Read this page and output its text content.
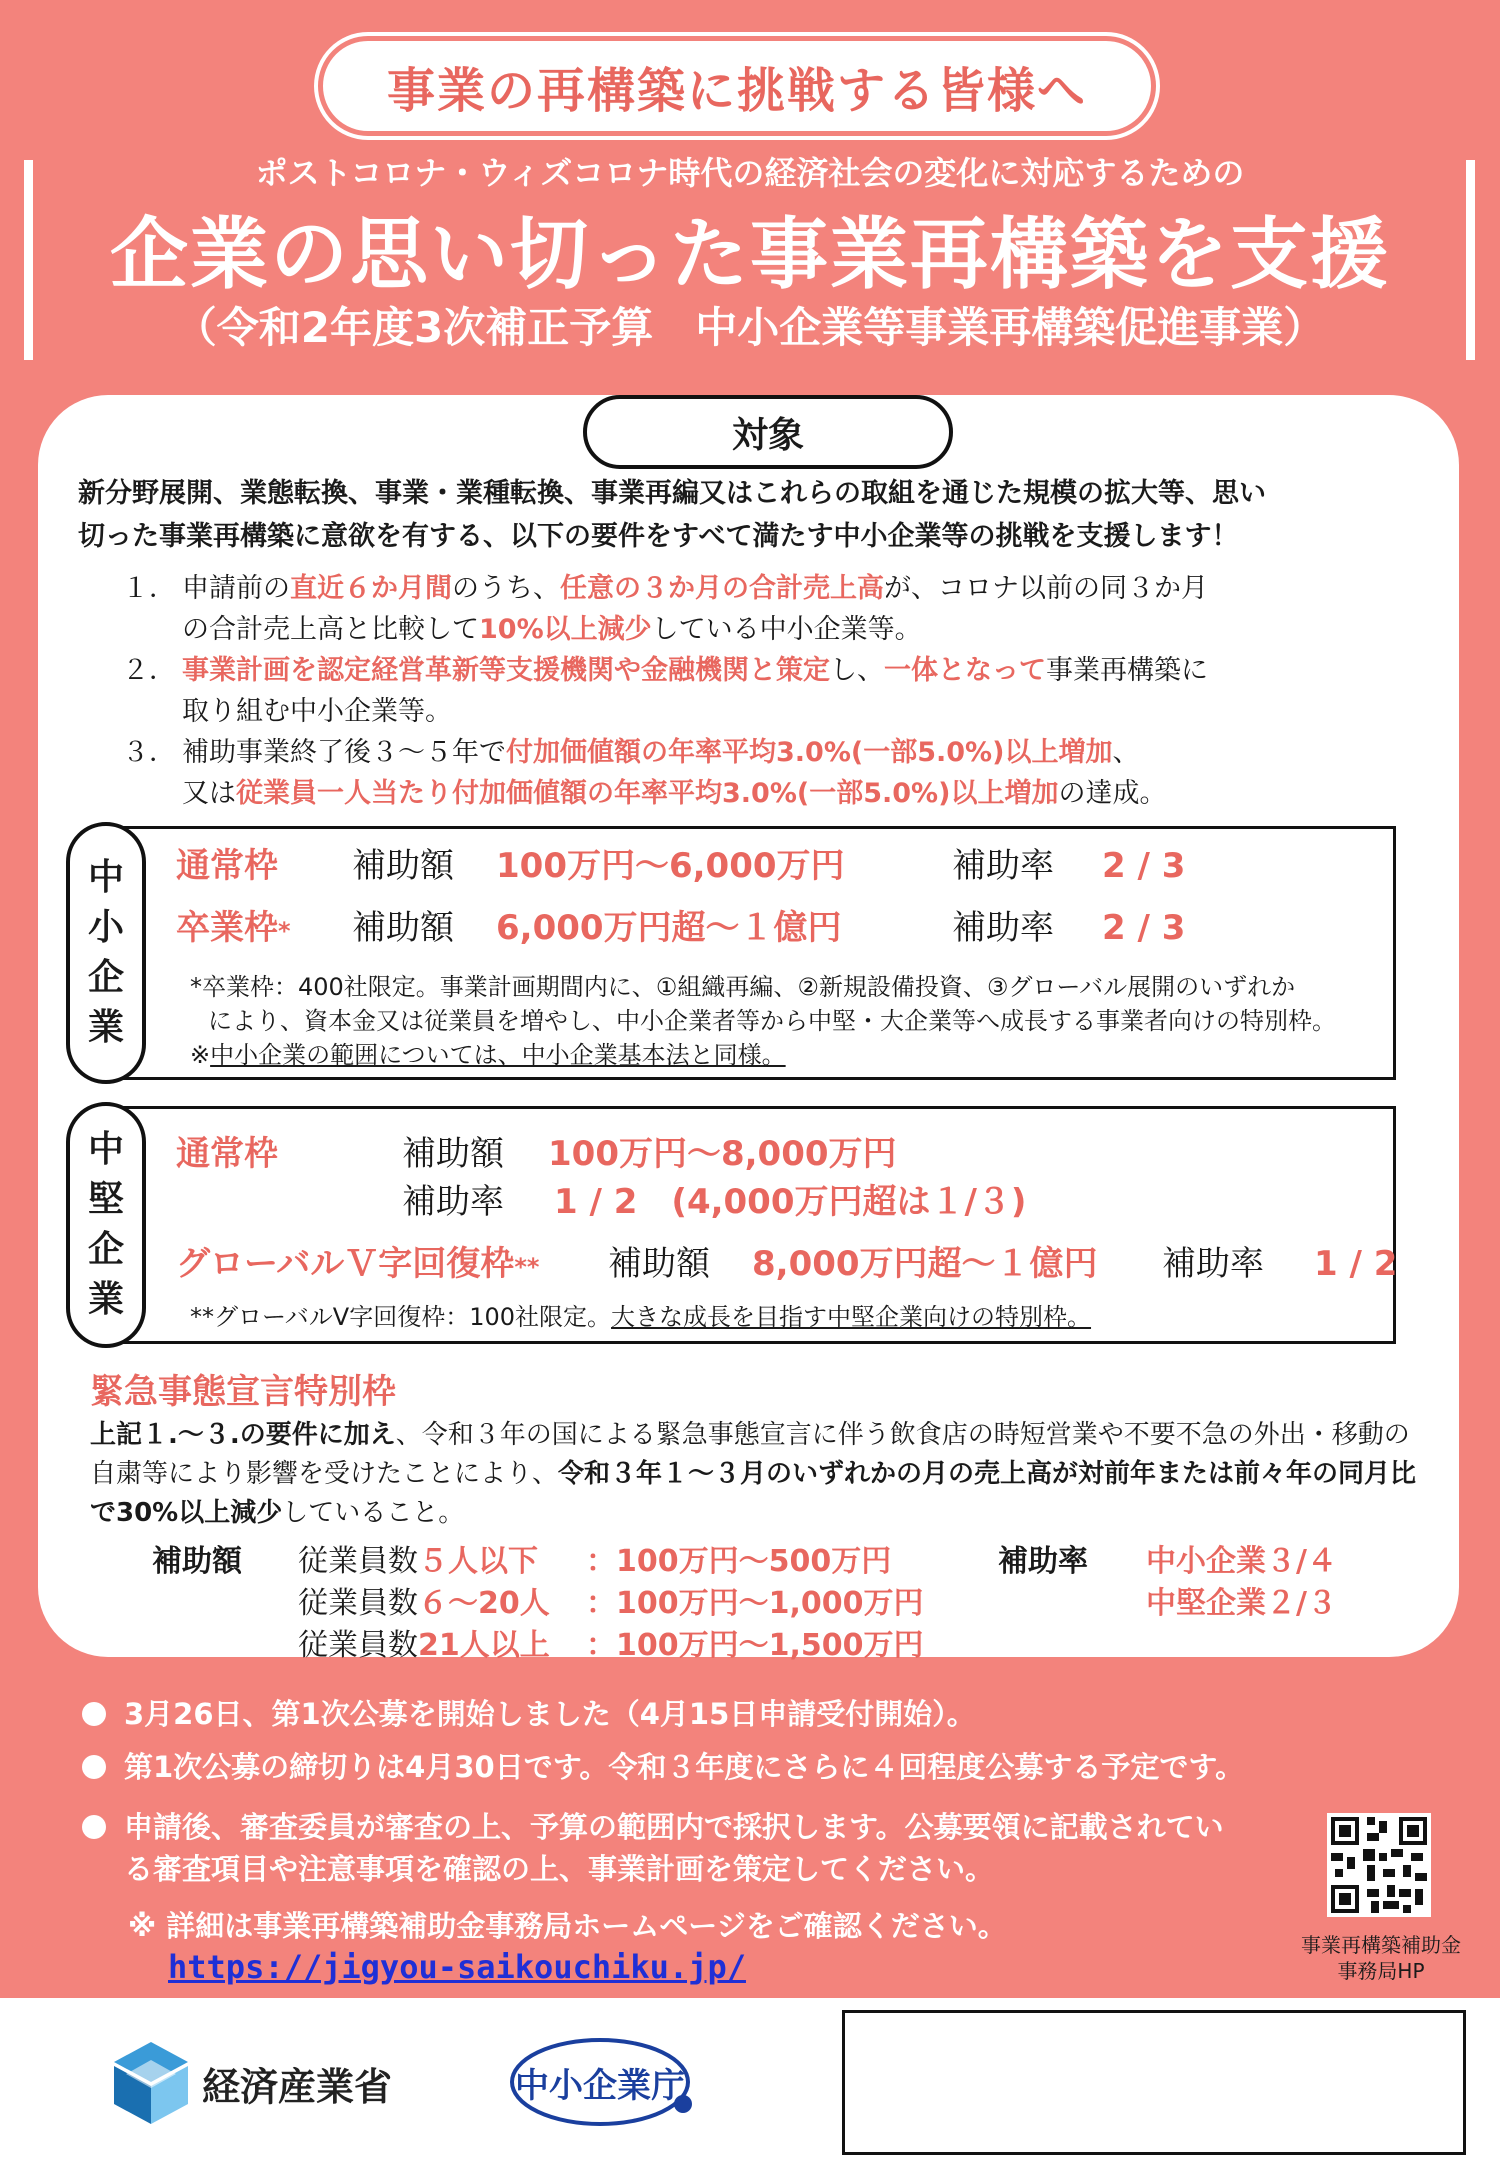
事業の再構築に挑戦する皆様へ
ポストコロナ・ウィズコロナ時代の経済社会の変化に対応するための
企業の思い切った事業再構築を支援
（令和2年度3次補正予算　中小企業等事業再構築促進事業）
対象
新分野展開、業態転換、事業・業種転換、事業再編又はこれらの取組を通じた規模の拡大等、思い
切った事業再構築に意欲を有する、以下の要件をすべて満たす中小企業等の挑戦を支援します！
１． 申請前の直近６か月間のうち、任意の３か月の合計売上高が、コロナ以前の同３か月
の合計売上高と比較して10%以上減少している中小企業等。
２． 事業計画を認定経営革新等支援機関や金融機関と策定し、一体となって事業再構築に
取り組む中小企業等。
３． 補助事業終了後３～５年で付加価値額の年率平均3.0%(一部5.0%)以上増加、
又は従業員一人当たり付加価値額の年率平均3.0%(一部5.0%)以上増加の達成。
中
小
企
業
通常枠 補助額 100万円～6,000万円	補助率 2 / 3
卒業枠* 補助額 6,000万円超～１億円	補助率 2 / 3
*卒業枠：400社限定。事業計画期間内に、①組織再編、②新規設備投資、③グローバル展開のいずれか
により、資本金又は従業員を増やし、中小企業者等から中堅・大企業等へ成長する事業者向けの特別枠。
※中小企業の範囲については、中小企業基本法と同様。
中
堅
企
業
通常枠	補助額 100万円～8,000万円
補助率 1 / 2　(4,000万円超は１/３)
グローバルＶ字回復枠** 補助額 8,000万円超～１億円 補助率 1 / 2
**グローバルV字回復枠：100社限定。大きな成長を目指す中堅企業向けの特別枠。
緊急事態宣言特別枠
上記１.～３.の要件に加え、令和３年の国による緊急事態宣言に伴う飲食店の時短営業や不要不急の外出・移動の自粛等により影響を受けたことにより、令和３年１～３月のいずれかの月の売上高が対前年または前々年の同月比で30%以上減少していること。
補助額 従業員数５人以下 ：100万円～500万円
従業員数６～20人 ：100万円～1,000万円
従業員数21人以上 ：100万円～1,500万円
補助率 中小企業３/４
中堅企業２/３
3月26日、第1次公募を開始しました（4月15日申請受付開始）。
第1次公募の締切りは4月30日です。令和３年度にさらに４回程度公募する予定です。
申請後、審査委員が審査の上、予算の範囲内で採択します。公募要領に記載されてい
る審査項目や注意事項を確認の上、事業計画を策定してください。
※ 詳細は事業再構築補助金事務局ホームページをご確認ください。
https://jigyou-saikouchiku.jp/
事業再構築補助金
事務局HP
経済産業省	中小企業庁
